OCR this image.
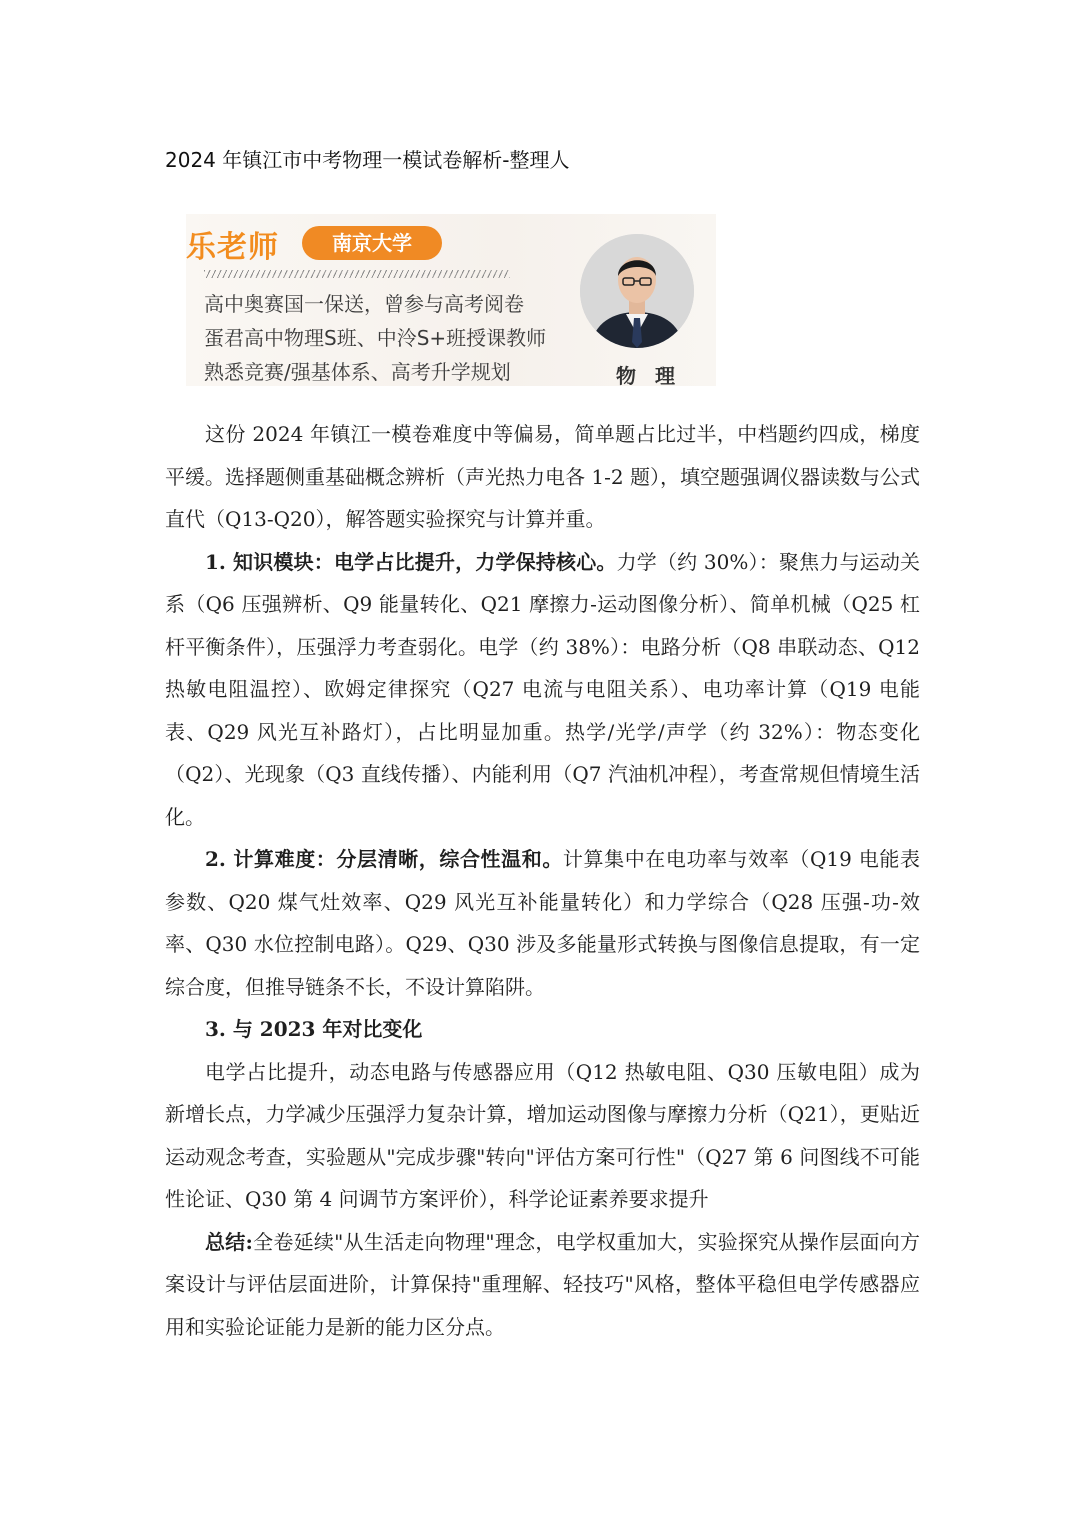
2024 年镇江市中考物理一模试卷解析-整理人
乐老师	南京大学
高中奥赛国一保送，曾参与高考阅卷
蛋君高中物理S班、中泠S+班授课教师
熟悉竞赛/强基体系、高考升学规划	物 理

这份 2024 年镇江一模卷难度中等偏易，简单题占比过半，中档题约四成，梯度平缓。选择题侧重基础概念辨析（声光热力电各 1-2 题），填空题强调仪器读数与公式直代（Q13-Q20），解答题实验探究与计算并重。

1. 知识模块：电学占比提升，力学保持核心。力学（约 30%）：聚焦力与运动关系（Q6 压强辨析、Q9 能量转化、Q21 摩擦力-运动图像分析）、简单机械（Q25 杠杆平衡条件），压强浮力考查弱化。电学（约 38%）：电路分析（Q8 串联动态、Q12 热敏电阻温控）、欧姆定律探究（Q27 电流与电阻关系）、电功率计算（Q19 电能表、Q29 风光互补路灯），占比明显加重。热学/光学/声学（约 32%）：物态变化（Q2）、光现象（Q3 直线传播）、内能利用（Q7 汽油机冲程），考查常规但情境生活化。

2. 计算难度：分层清晰，综合性温和。计算集中在电功率与效率（Q19 电能表参数、Q20 煤气灶效率、Q29 风光互补能量转化）和力学综合（Q28 压强-功-效率、Q30 水位控制电路）。Q29、Q30 涉及多能量形式转换与图像信息提取，有一定综合度，但推导链条不长，不设计算陷阱。

3. 与 2023 年对比变化

电学占比提升，动态电路与传感器应用（Q12 热敏电阻、Q30 压敏电阻）成为新增长点，力学减少压强浮力复杂计算，增加运动图像与摩擦力分析（Q21），更贴近运动观念考查，实验题从"完成步骤"转向"评估方案可行性"（Q27 第 6 问图线不可能性论证、Q30 第 4 问调节方案评价），科学论证素养要求提升

总结:全卷延续"从生活走向物理"理念，电学权重加大，实验探究从操作层面向方案设计与评估层面进阶，计算保持"重理解、轻技巧"风格，整体平稳但电学传感器应用和实验论证能力是新的能力区分点。
